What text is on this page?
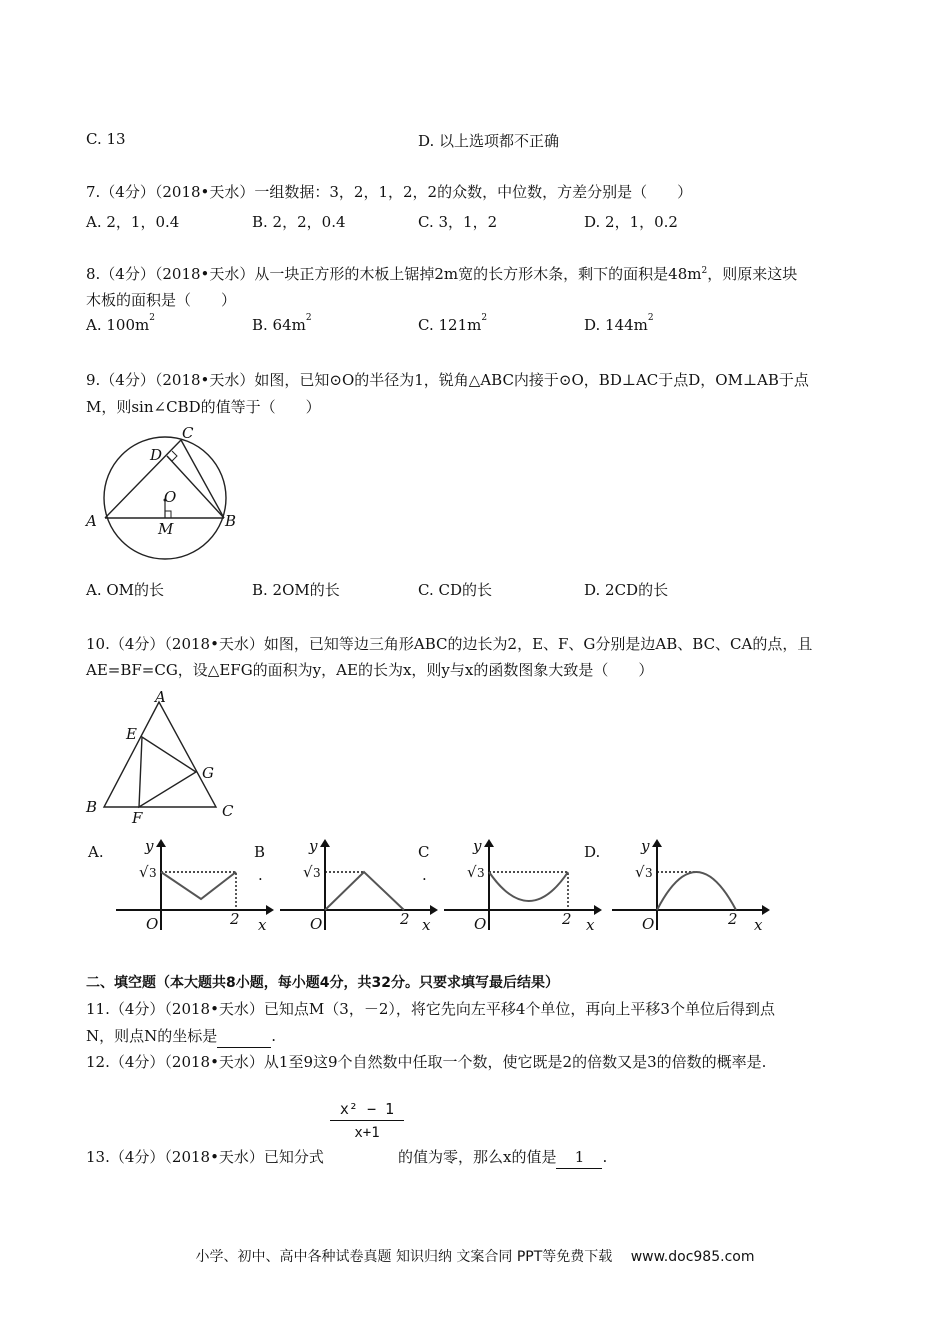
C. 13	D. 以上选项都不正确
7.（4分）（2018•天水）一组数据：3，2，1，2，2的众数，中位数，方差分别是（　　）
A. 2，1，0.4	B. 2，2，0.4	C. 3，1，2	D. 2，1，0.2
8.（4分）（2018•天水）从一块正方形的木板上锯掉2m宽的长方形木条，剩下的面积是$48m^2$，则原来这块
木板的面积是（　　）
A. $100m^2$	B. $64m^2$	C. $121m^2$	D. $144m^2$
9.（4分）（2018•天水）如图，已知⊙O的半径为1，锐角△ABC内接于⊙O，BD⊥AC于点D，OM⊥AB于点
M，则sin∠CBD的值等于（　　）
A	B
C
D
O
M
A. OM的长	B. 2OM的长	C. CD的长	D. 2CD的长
10.（4分）（2018•天水）如图，已知等边三角形ABC的边长为2，E、F、G分别是边AB、BC、CA的点，且
AE=BF=CG，设△EFG的面积为y，AE的长为x，则y与x的函数图象大致是（　　）
A
E
G
B	C
F
A.	B
.
C
.
D.
y
√ 3
O	2 x
y
√ 3
O	2 x
y
√ 3
O	2 x
y
√ 3
O	2 x
二、填空题（本大题共8小题，每小题4分，共32分。只要求填写最后结果）
11.（4分）（2018•天水）已知点M（3，－2），将它先向左平移4个单位，再向上平移3个单位后得到点
N，则点N的坐标是	.
12.（4分）（2018•天水）从1至9这9个自然数中任取一个数，使它既是2的倍数又是3的倍数的概率是.
$\frac{\text{x² − 1}}{x+1}$
13.（4分）（2018•天水）已知分式	的值为零，那么x的值是 1 .
小学、初中、高中各种试卷真题 知识归纳 文案合同 PPT等免费下载　 www.doc985.com
